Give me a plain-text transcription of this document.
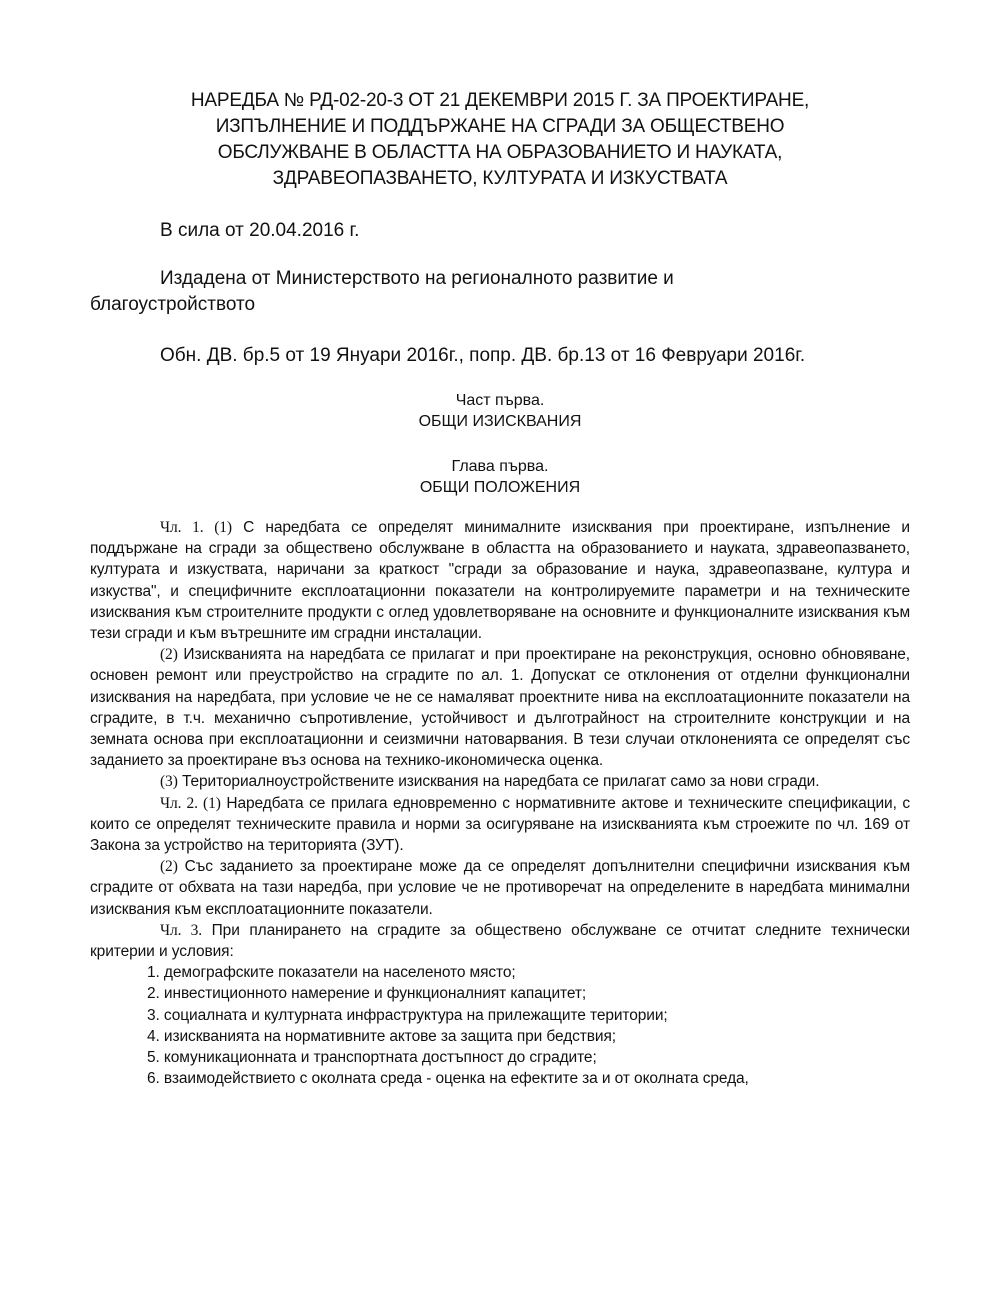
НАРЕДБА № РД-02-20-3 ОТ 21 ДЕКЕМВРИ 2015 Г. ЗА ПРОЕКТИРАНЕ,
ИЗПЪЛНЕНИЕ И ПОДДЪРЖАНЕ НА СГРАДИ ЗА ОБЩЕСТВЕНО
ОБСЛУЖВАНЕ В ОБЛАСТТА НА ОБРАЗОВАНИЕТО И НАУКАТА,
ЗДРАВЕОПАЗВАНЕТО, КУЛТУРАТА И ИЗКУСТВАТА
В сила от 20.04.2016 г.
Издадена от Министерството на регионалното развитие и
благоустройството
Обн. ДВ. бр.5 от 19 Януари 2016г., попр. ДВ. бр.13 от 16 Февруари 2016г.
Част първа.
ОБЩИ ИЗИСКВАНИЯ
Глава първа.
ОБЩИ ПОЛОЖЕНИЯ

Чл. 1. (1) С наредбата се определят минималните изисквания при проектиране, изпълнение и поддържане на сгради за обществено обслужване в областта на образованието и науката, здравеопазването, културата и изкуствата, наричани за краткост "сгради за образование и наука, здравеопазване, култура и изкуства", и специфичните експлоатационни показатели на контролируемите параметри и на техническите изисквания към строителните продукти с оглед удовлетворяване на основните и функционалните изисквания към тези сгради и към вътрешните им сградни инсталации.

(2) Изискванията на наредбата се прилагат и при проектиране на реконструкция, основно обновяване, основен ремонт или преустройство на сградите по ал. 1. Допускат се отклонения от отделни функционални изисквания на наредбата, при условие че не се намаляват проектните нива на експлоатационните показатели на сградите, в т.ч. механично съпротивление, устойчивост и дълготрайност на строителните конструкции и на земната основа при експлоатационни и сеизмични натоварвания. В тези случаи отклоненията се определят със заданието за проектиране въз основа на технико-икономическа оценка.

(3) Териториалноустройствените изисквания на наредбата се прилагат само за нови сгради.

Чл. 2. (1) Наредбата се прилага едновременно с нормативните актове и техническите спецификации, с които се определят техническите правила и норми за осигуряване на изискванията към строежите по чл. 169 от Закона за устройство на територията (ЗУТ).

(2) Със заданието за проектиране може да се определят допълнителни специфични изисквания към сградите от обхвата на тази наредба, при условие че не противоречат на определените в наредбата минимални изисквания към експлоатационните показатели.

Чл. 3. При планирането на сградите за обществено обслужване се отчитат следните технически критерии и условия:

1. демографските показатели на населеното място;

2. инвестиционното намерение и функционалният капацитет;

3. социалната и културната инфраструктура на прилежащите територии;

4. изискванията на нормативните актове за защита при бедствия;

5. комуникационната и транспортната достъпност до сградите;

6. взаимодействието с околната среда - оценка на ефектите за и от околната среда,
